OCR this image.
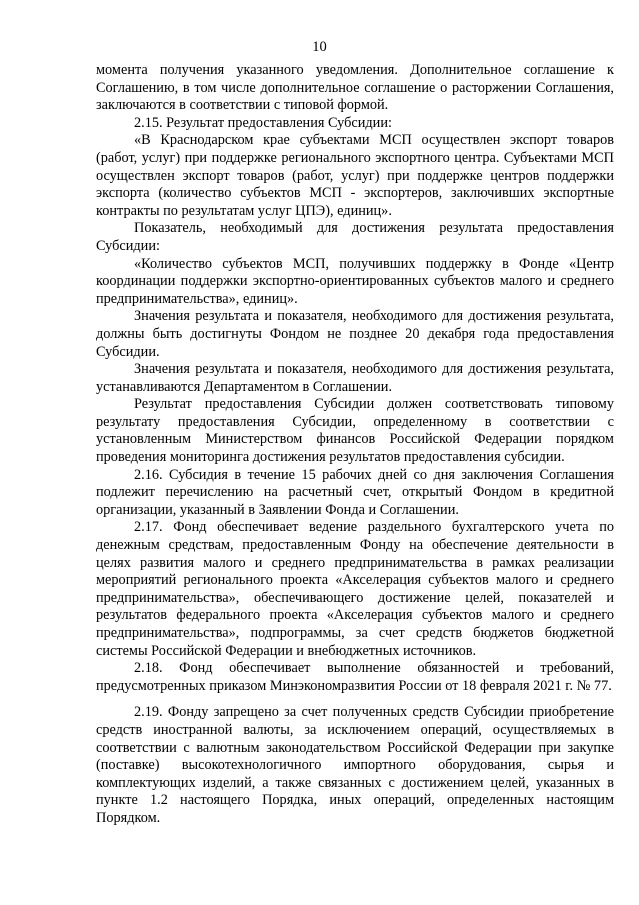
10

момента получения указанного уведомления. Дополнительное соглашение к Соглашению, в том числе дополнительное соглашение о расторжении Соглашения, заключаются в соответствии с типовой формой.

2.15. Результат предоставления Субсидии:

«В Краснодарском крае субъектами МСП осуществлен экспорт товаров (работ, услуг) при поддержке регионального экспортного центра. Субъектами МСП осуществлен экспорт товаров (работ, услуг) при поддержке центров поддержки экспорта (количество субъектов МСП - экспортеров, заключивших экспортные контракты по результатам услуг ЦПЭ), единиц».

Показатель, необходимый для достижения результата предоставления Субсидии:

«Количество субъектов МСП, получивших поддержку в Фонде «Центр координации поддержки экспортно-ориентированных субъектов малого и среднего предпринимательства», единиц».

Значения результата и показателя, необходимого для достижения результата, должны быть достигнуты Фондом не позднее 20 декабря года предоставления Субсидии.

Значения результата и показателя, необходимого для достижения результата, устанавливаются Департаментом в Соглашении.

Результат предоставления Субсидии должен соответствовать типовому результату предоставления Субсидии, определенному в соответствии с установленным Министерством финансов Российской Федерации порядком проведения мониторинга достижения результатов предоставления субсидии.

2.16. Субсидия в течение 15 рабочих дней со дня заключения Соглашения подлежит перечислению на расчетный счет, открытый Фондом в кредитной организации, указанный в Заявлении Фонда и Соглашении.

2.17. Фонд обеспечивает ведение раздельного бухгалтерского учета по денежным средствам, предоставленным Фонду на обеспечение деятельности в целях развития малого и среднего предпринимательства в рамках реализации мероприятий регионального проекта «Акселерация субъектов малого и среднего предпринимательства», обеспечивающего достижение целей, показателей и результатов федерального проекта «Акселерация субъектов малого и среднего предпринимательства», подпрограммы, за счет средств бюджетов бюджетной системы Российской Федерации и внебюджетных источников.

2.18. Фонд обеспечивает выполнение обязанностей и требований, предусмотренных приказом Минэкономразвития России от 18 февраля 2021 г. № 77.

2.19. Фонду запрещено за счет полученных средств Субсидии приобретение средств иностранной валюты, за исключением операций, осуществляемых в соответствии с валютным законодательством Российской Федерации при закупке (поставке) высокотехнологичного импортного оборудования, сырья и комплектующих изделий, а также связанных с достижением целей, указанных в пункте 1.2 настоящего Порядка, иных операций, определенных настоящим Порядком.
